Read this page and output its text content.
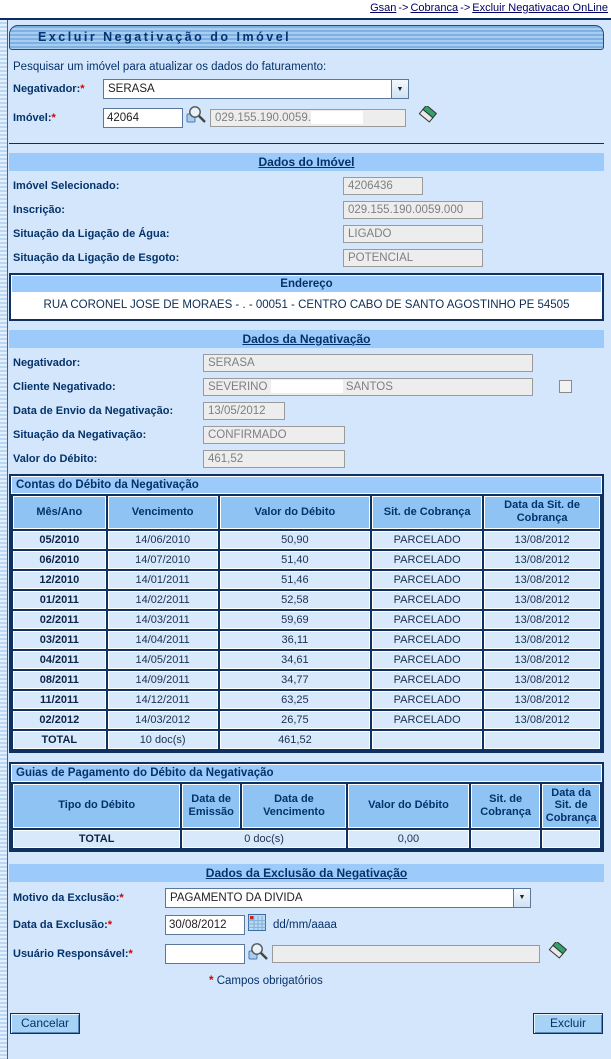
Gsan -> Cobranca -> Excluir Negativacao OnLine
Excluir Negativação do Imóvel
Pesquisar um imóvel para atualizar os dados do faturamento:
Negativador:*	SERASA	▼
Imóvel:*
42064	029.155.190.0059.
Dados do Imóvel
Imóvel Selecionado:	4206436
Inscrição:	029.155.190.0059.000
Situação da Ligação de Água:	LIGADO
Situação da Ligação de Esgoto:	POTENCIAL
Endereço
RUA CORONEL JOSE DE MORAES - . - 00051 - CENTRO CABO DE SANTO AGOSTINHO PE 54505
Dados da Negativação
Negativador:	SERASA
Cliente Negativado:	SEVERINO	SANTOS
Data de Envio da Negativação:	13/05/2012
Situação da Negativação:	CONFIRMADO
Valor do Débito:	461,52
Contas do Débito da Negativação
Mês/Ano	Vencimento	Valor do Débito	Sit. de Cobrança	Data da Sit. de Cobrança
05/2010	14/06/2010	50,90	PARCELADO	13/08/2012
06/2010	14/07/2010	51,40	PARCELADO	13/08/2012
12/2010	14/01/2011	51,46	PARCELADO	13/08/2012
01/2011	14/02/2011	52,58	PARCELADO	13/08/2012
02/2011	14/03/2011	59,69	PARCELADO	13/08/2012
03/2011	14/04/2011	36,11	PARCELADO	13/08/2012
04/2011	14/05/2011	34,61	PARCELADO	13/08/2012
08/2011	14/09/2011	34,77	PARCELADO	13/08/2012
11/2011	14/12/2011	63,25	PARCELADO	13/08/2012
02/2012	14/03/2012	26,75	PARCELADO	13/08/2012
TOTAL	10 doc(s)	461,52		
Guias de Pagamento do Débito da Negativação
Tipo do Débito	Data de Emissão	Data de Vencimento	Valor do Débito	Sit. de Cobrança	Data da Sit. de Cobrança
TOTAL	0 doc(s)		0,00		
Dados da Exclusão da Negativação
Motivo da Exclusão:*	PAGAMENTO DA DIVIDA	▼
Data da Exclusão:*
30/08/2012	dd/mm/aaaa
Usuário Responsável:*
* Campos obrigatórios
Cancelar	Excluir
